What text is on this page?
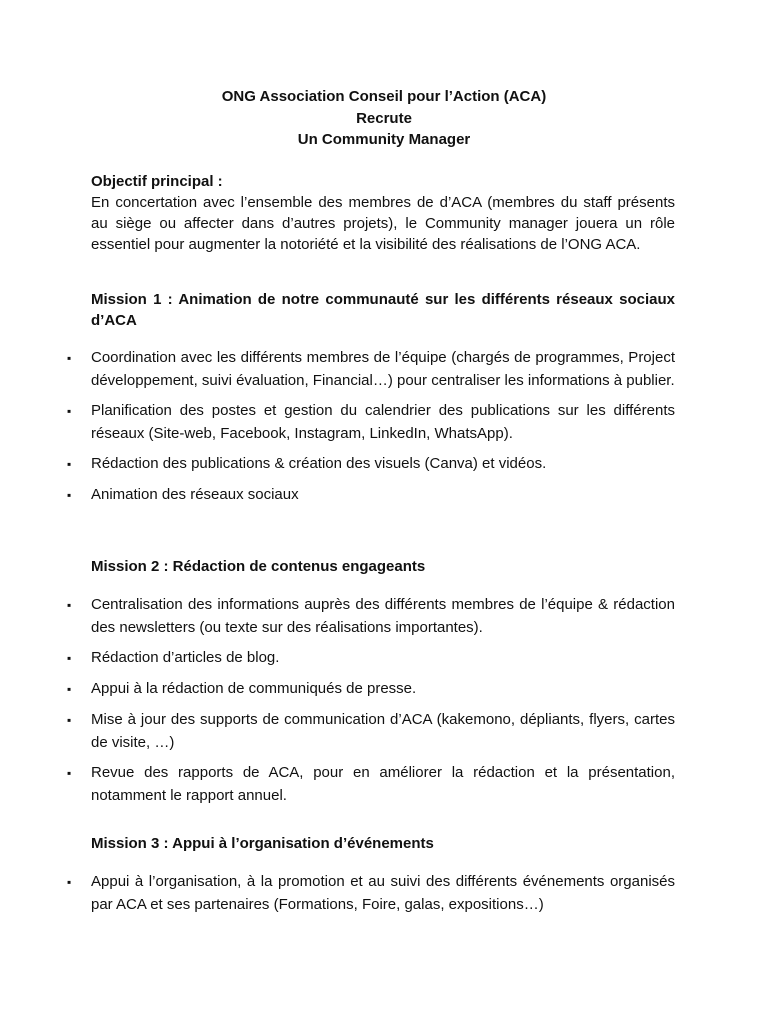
ONG Association Conseil pour l’Action (ACA)
Recrute
Un Community Manager
Objectif principal :
En concertation avec l’ensemble des membres de d’ACA (membres du staff présents au siège ou affecter dans d’autres projets), le Community manager jouera un rôle essentiel pour augmenter la notoriété et la visibilité des réalisations de l’ONG ACA.
Mission 1 : Animation de notre communauté sur les différents réseaux sociaux d’ACA
▪ Coordination avec les différents membres de l’équipe (chargés de programmes, Project développement, suivi évaluation, Financial…) pour centraliser les informations à publier.
▪ Planification des postes et gestion du calendrier des publications sur les différents réseaux (Site-web, Facebook, Instagram, LinkedIn, WhatsApp).
▪ Rédaction des publications & création des visuels (Canva) et vidéos.
▪ Animation des réseaux sociaux
Mission 2 : Rédaction de contenus engageants
▪ Centralisation des informations auprès des différents membres de l’équipe & rédaction des newsletters (ou texte sur des réalisations importantes).
▪ Rédaction d’articles de blog.
▪ Appui à la rédaction de communiqués de presse.
▪ Mise à jour des supports de communication d’ACA (kakemono, dépliants, flyers, cartes de visite, …)
▪ Revue des rapports de ACA, pour en améliorer la rédaction et la présentation, notamment le rapport annuel.
Mission 3 : Appui à l’organisation d’événements
▪ Appui à l’organisation, à la promotion et au suivi des différents événements organisés par ACA et ses partenaires (Formations, Foire, galas, expositions…)
